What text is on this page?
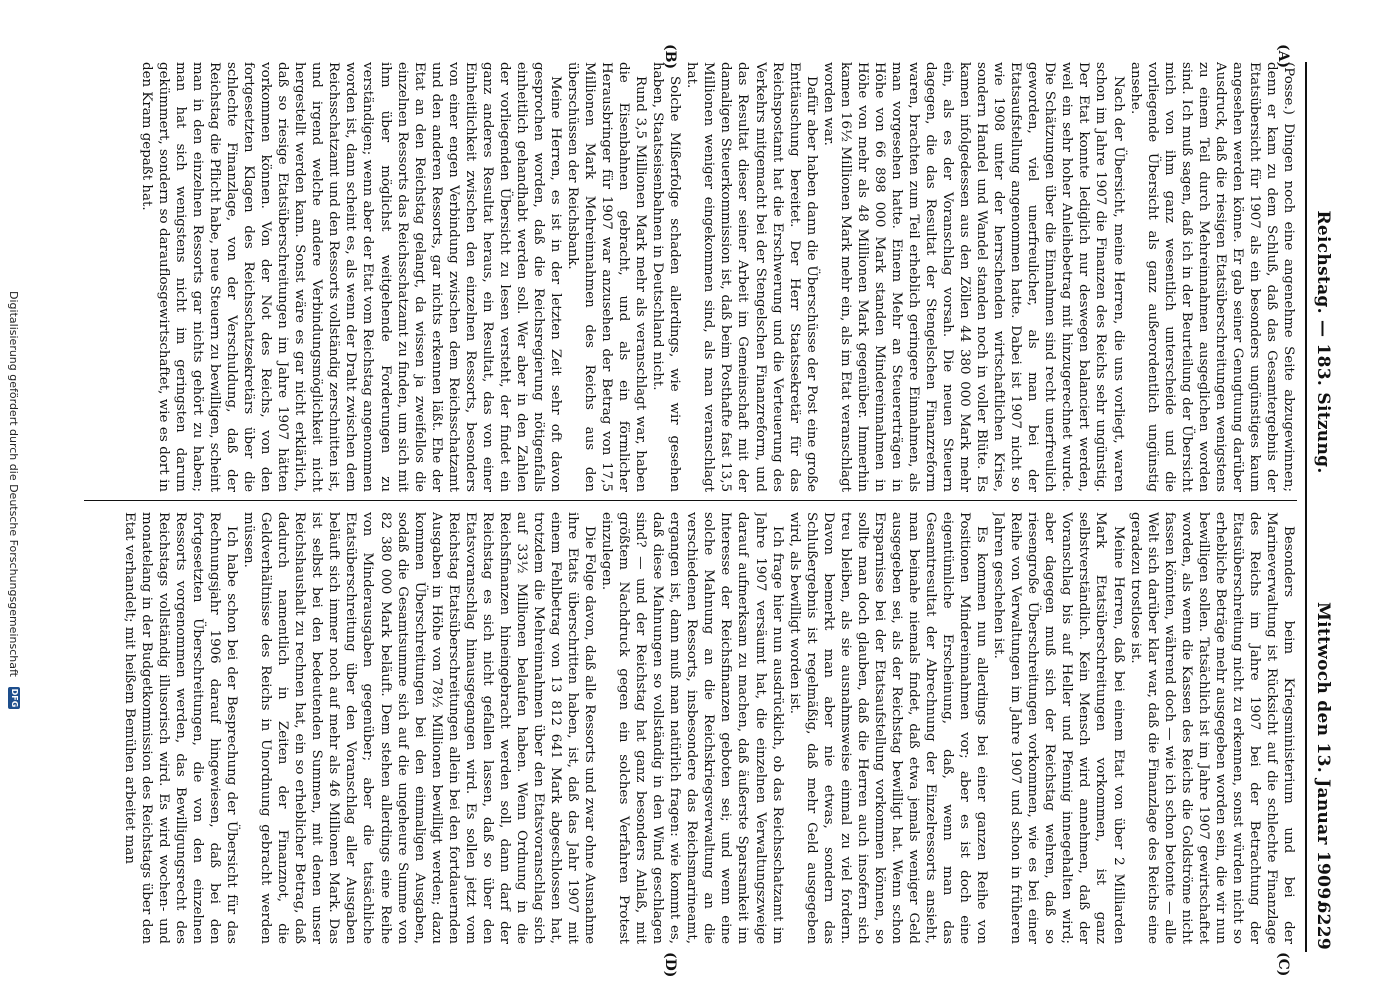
Reichstag. — 183. Sitzung.
Mittwoch den 13. Januar 1909.
6229
(A)
(B)
(C)
(D)

(Posse.) Dingen noch eine angenehme Seite abzugewinnen; denn er kam zu dem Schluß, daß das Gesamtergebnis der Etatsübersicht für 1907 als ein besonders ungünstiges kaum angesehen werden könne. Er gab seiner Genugtuung darüber Ausdruck, daß die riesigen Etatsüberschreitungen wenigstens zu einem Teil durch Mehreinnahmen ausgeglichen worden sind. Ich muß sagen, daß ich in der Beurteilung der Übersicht mich von ihm ganz wesentlich unterscheide und die vorliegende Übersicht als ganz außerordentlich ungünstig ansehe.

Nach der Übersicht, meine Herren, die uns vorliegt, waren schon im Jahre 1907 die Finanzen des Reichs sehr ungünstig. Der Etat konnte lediglich nur deswegen balanciert werden, weil ein sehr hoher Anleihebetrag mit hinzugerechnet wurde. Die Schätzungen über die Einnahmen sind recht unerfreulich geworden, viel unerfreulicher, als man bei der Etatsaufstellung angenommen hatte. Dabei ist 1907 nicht so wie 1908 unter der herrschenden wirtschaftlichen Krise, sondern Handel und Wandel standen noch in voller Blüte. Es kamen infolgedessen aus den Zöllen 44 380 000 Mark mehr ein, als es der Voranschlag vorsah. Die neuen Steuern dagegen, die das Resultat der Stengelschen Finanzreform waren, brachten zum Teil erheblich geringere Einnahmen, als man vorgesehen hatte. Einem Mehr an Steuererträgen in Höhe von 66 898 000 Mark standen Mindereinnahmen in Höhe von mehr als 48 Millionen Mark gegenüber. Immerhin kamen 16½ Millionen Mark mehr ein, als im Etat veranschlagt worden war.

Dafür aber haben dann die Überschüsse der Post eine große Enttäuschung bereitet. Der Herr Staatssekretär für das Reichspostamt hat die Erschwerung und die Verteuerung des Verkehrs mitgemacht bei der Stengelschen Finanzreform, und das Resultat dieser seiner Arbeit im Gemeinschaft mit der damaligen Steuerkommission ist, daß beim Posthafte fast 13,5 Millionen weniger eingekommen sind, als man veranschlagt hat.

Solche Mißerfolge schaden allerdings, wie wir gesehen haben, Staatseisenbahnen in Deutschland nicht.

Rund 3,5 Millionen Mark mehr als veranschlagt war, haben die Eisenbahnen gebracht, und als ein förmlicher Herausbringer für 1907 war anzusehen der Betrag von 17,5 Millionen Mark Mehreinnahmen des Reichs aus den überschüssen der Reichsbank.

Meine Herren, es ist in der letzten Zeit sehr oft davon gesprochen worden, daß die Reichsregierung nötigenfalls einheitlich gehandhabt werden soll. Wer aber in den Zahlen der vorliegenden Übersicht zu lesen versteht, der findet ein ganz anderes Resultat heraus, ein Resultat, das von einer Einheitlichkeit zwischen den einzelnen Ressorts, besonders von einer engen Verbindung zwischen dem Reichsschatzamt und den anderen Ressorts, gar nichts erkennen läßt. Ehe der Etat an den Reichstag gelangt, da wissen ja zweifellos die einzelnen Ressorts das Reichsschatzamt zu finden, um sich mit ihm über möglichst weitgehende Forderungen zu verständigen; wenn aber der Etat vom Reichstag angenommen worden ist, dann scheint es, als wenn der Draht zwischen dem Reichsschatzamt und den Ressorts vollständig zerschnitten ist, und irgend welche andere Verbindungsmöglichkeit nicht hergestellt werden kann. Sonst wäre es gar nicht erklärlich, daß so riesige Etatsüberschreitungen im Jahre 1907 hätten vorkommen können. Von der Not des Reichs, von den fortgesetzten Klagen des Reichsschatzsekretärs über die schlechte Finanzlage, von der Verschuldung, daß der Reichstag die Pflicht habe, neue Steuern zu bewilligen, scheint man in den einzelnen Ressorts gar nichts gehört zu haben; man hat sich wenigstens nicht im geringsten darum gekümmert, sondern so darauflosgewirtschaftet, wie es dort in den Kram gepaßt hat.

Besonders beim Kriegsministerium und bei der Marineverwaltung ist Rücksicht auf die schlechte Finanzlage des Reichs im Jahre 1907 bei der Betrachtung der Etatsüberschreitung nicht zu erkennen, sonst würden nicht so erhebliche Beträge mehr ausgegeben worden sein, die wir nun bewilligen sollen. Tatsächlich ist im Jahre 1907 gewirtschaftet worden, als wenn die Kassen des Reichs die Goldströme nicht fassen könnten, während doch — wie ich schon betonte — alle Welt sich darüber klar war, daß die Finanzlage des Reichs eine geradezu trostlose ist.

Meine Herren, daß bei einem Etat von über 2 Milliarden Mark Etatsüberschreitungen vorkommen, ist ganz selbstverständlich. Kein Mensch wird annehmen, daß der Voranschlag bis auf Heller und Pfennig innegehalten wird; aber dagegen muß sich der Reichstag wehren, daß so riesengroße Überschreitungen vorkommen, wie es bei einer Reihe von Verwaltungen im Jahre 1907 und schon in früheren Jahren geschehen ist.

Es kommen nun allerdings bei einer ganzen Reihe von Positionen Mindereinnahmen vor; aber es ist doch eine eigentümliche Erscheinung, daß, wenn man das Gesamtresultat der Abrechnung der Einzelressorts ansieht, man beinahe niemals findet, daß etwa jemals weniger Geld ausgegeben sei, als der Reichstag bewilligt hat. Wenn schon Ersparnisse bei der Etatsaufstellung vorkommen können, so sollte man doch glauben, daß die Herren auch insofern sich treu bleiben, als sie ausnahmsweise einmal zu viel fordern. Davon bemerkt man aber nie etwas, sondern das Schlußergebnis ist regelmäßig, daß mehr Geld ausgegeben wird, als bewilligt worden ist.

Ich frage hier nun ausdrücklich, ob das Reichsschatzamt im Jahre 1907 versäumt hat, die einzelnen Verwaltungszweige darauf aufmerksam zu machen, daß äußerste Sparsamkeit im Interesse der Reichsfinanzen geboten sei; und wenn eine solche Mahnung an die Reichskriegsverwaltung an die verschiedenen Ressorts, insbesondere das Reichsmarineamt, ergangen ist, dann muß man natürlich fragen: wie kommt es, daß diese Mahnungen so vollständig in den Wind geschlagen sind? — und der Reichstag hat ganz besonders Anlaß, mit größtem Nachdruck gegen ein solches Verfahren Protest einzulegen.

Die Folge davon, daß alle Ressorts und zwar ohne Ausnahme ihre Etats überschritten haben, ist, daß das Jahr 1907 mit einem Fehlbetrag von 13 812 641 Mark abgeschlossen hat, trotzdem die Mehreinnahmen über den Etatsvoranschlag sich auf 33½ Millionen belaufen haben. Wenn Ordnung in die Reichsfinanzen hineingebracht werden soll, dann darf der Reichstag es sich nicht gefallen lassen, daß so über den Etatsvoranschlag hinausgegangen wird. Es sollen jetzt vom Reichstag Etatsüberschreitungen allein bei den fortdauernden Ausgaben in Höhe von 78½ Millionen bewilligt werden; dazu kommen Überschreitungen bei den einmaligen Ausgaben, sodaß die Gesamtsumme sich auf die ungeheure Summe von 82 380 000 Mark beläuft. Dem stehen allerdings eine Reihe von Minderausgaben gegenüber; aber die tatsächliche Etatsüberschreitung über den Voranschlag aller Ausgaben beläuft sich immer noch auf mehr als 46 Millionen Mark. Das ist selbst bei den bedeutenden Summen, mit denen unser Reichshaushalt zu rechnen hat, ein so erheblicher Betrag, daß dadurch namentlich in Zeiten der Finanznot, die Geldverhältnisse des Reichs in Unordnung gebracht werden müssen.

Ich habe schon bei der Besprechung der Übersicht für das Rechnungsjahr 1906 darauf hingewiesen, daß bei den fortgesetzten Überschreitungen, die von den einzelnen Ressorts vorgenommen werden, das Bewilligungsrecht des Reichstags vollständig illusorisch wird. Es wird wochen- und monatelang in der Budgetkommission des Reichstags über den Etat verhandelt; mit heißem Bemühen arbeitet man

Digitalisierung gefördert durch die Deutsche Forschungsgemeinschaft
DFG
